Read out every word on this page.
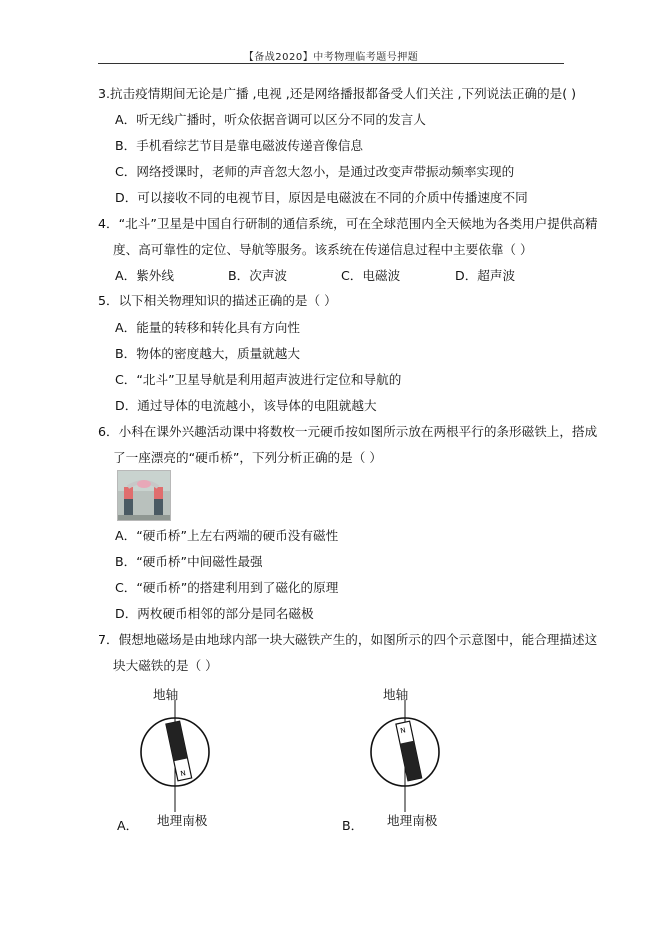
【备战2020】中考物理临考题号押题
3.抗击疫情期间无论是广播 ,电视 ,还是网络播报都备受人们关注 ,下列说法正确的是( )
A．听无线广播时，听众依据音调可以区分不同的发言人
B．手机看综艺节目是靠电磁波传递音像信息
C．网络授课时，老师的声音忽大忽小，是通过改变声带振动频率实现的
D．可以接收不同的电视节目，原因是电磁波在不同的介质中传播速度不同
4．“北斗”卫星是中国自行研制的通信系统，可在全球范围内全天候地为各类用户提供高精
度、高可靠性的定位、导航等服务。该系统在传递信息过程中主要依靠（ ）
A．紫外线	B．次声波	C．电磁波	D．超声波
5．以下相关物理知识的描述正确的是（ ）
A．能量的转移和转化具有方向性
B．物体的密度越大，质量就越大
C．“北斗”卫星导航是利用超声波进行定位和导航的
D．通过导体的电流越小，该导体的电阻就越大
6．小科在课外兴趣活动课中将数枚一元硬币按如图所示放在两根平行的条形磁铁上，搭成
了一座漂亮的“硬币桥”，下列分析正确的是（ ）
A．“硬币桥”上左右两端的硬币没有磁性
B．“硬币桥”中间磁性最强
C．“硬币桥”的搭建利用到了磁化的原理
D．两枚硬币相邻的部分是同名磁极
7．假想地磁场是由地球内部一块大磁铁产生的，如图所示的四个示意图中，能合理描述这
块大磁铁的是（ ）
地轴
N
地理南极
A．
地轴
N
地理南极
B．
